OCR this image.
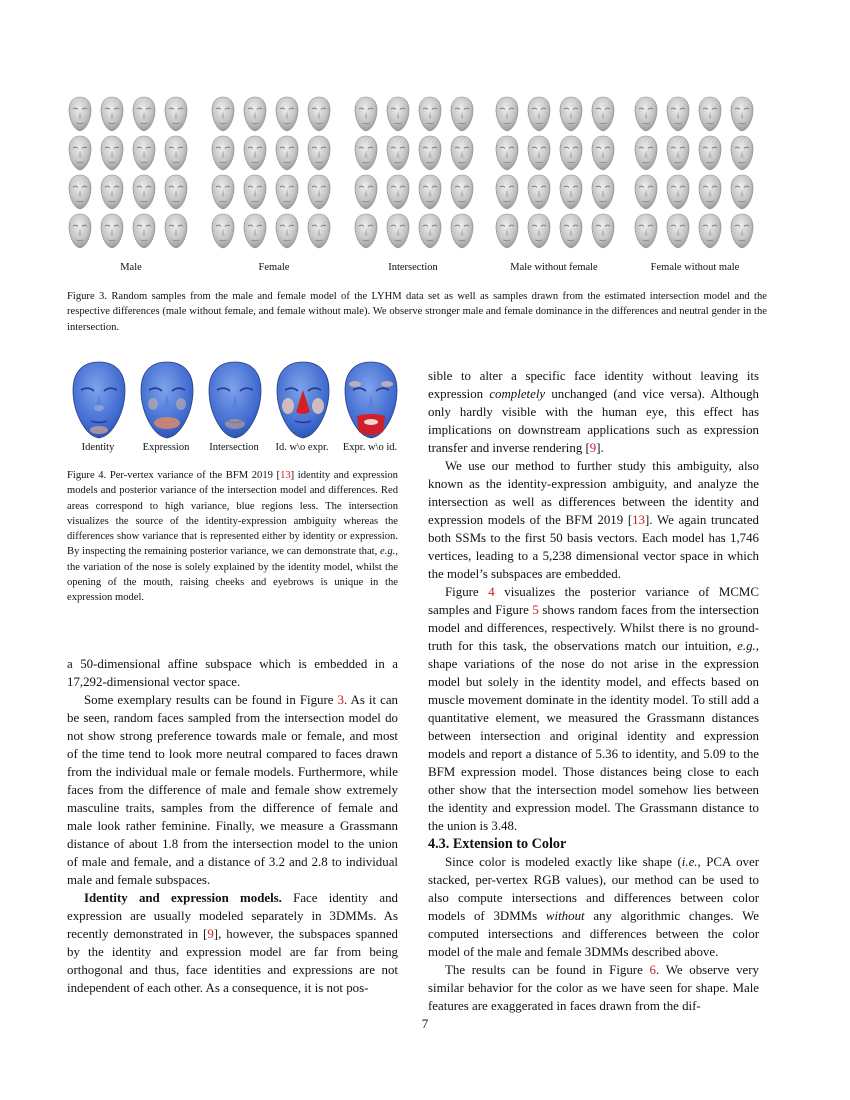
Male	Female	Intersection	Male without female	Female without male
Figure 3. Random samples from the male and female model of the LYHM data set as well as samples drawn from the estimated intersection model and the respective differences (male without female, and female without male). We observe stronger male and female dominance in the differences and neutral gender in the intersection.
Identity	Expression	Intersection	Id. w\o expr.	Expr. w\o id.
Figure 4. Per-vertex variance of the BFM 2019 [13] identity and expression models and posterior variance of the intersection model and differences. Red areas correspond to high variance, blue regions less. The intersection visualizes the source of the identity-expression ambiguity whereas the differences show variance that is represented either by identity or expression. By inspecting the remaining posterior variance, we can demonstrate that, e.g., the variation of the nose is solely explained by the identity model, whilst the opening of the mouth, raising cheeks and eyebrows is unique in the expression model.

a 50-dimensional affine subspace which is embedded in a 17,292-dimensional vector space.

Some exemplary results can be found in Figure 3. As it can be seen, random faces sampled from the intersection model do not show strong preference towards male or female, and most of the time tend to look more neutral compared to faces drawn from the individual male or female models. Furthermore, while faces from the difference of male and female show extremely masculine traits, samples from the difference of female and male look rather feminine. Finally, we measure a Grassmann distance of about 1.8 from the intersection model to the union of male and female, and a distance of 3.2 and 2.8 to individual male and female subspaces.

Identity and expression models. Face identity and expression are usually modeled separately in 3DMMs. As recently demonstrated in [9], however, the subspaces spanned by the identity and expression model are far from being orthogonal and thus, face identities and expressions are not independent of each other. As a consequence, it is not pos-

sible to alter a specific face identity without leaving its expression completely unchanged (and vice versa). Although only hardly visible with the human eye, this effect has implications on downstream applications such as expression transfer and inverse rendering [9].

We use our method to further study this ambiguity, also known as the identity-expression ambiguity, and analyze the intersection as well as differences between the identity and expression models of the BFM 2019 [13]. We again truncated both SSMs to the first 50 basis vectors. Each model has 1,746 vertices, leading to a 5,238 dimensional vector space in which the model’s subspaces are embedded.

Figure 4 visualizes the posterior variance of MCMC samples and Figure 5 shows random faces from the intersection model and differences, respectively. Whilst there is no ground-truth for this task, the observations match our intuition, e.g., shape variations of the nose do not arise in the expression model but solely in the identity model, and effects based on muscle movement dominate in the identity model. To still add a quantitative element, we measured the Grassmann distances between intersection and original identity and expression models and report a distance of 5.36 to identity, and 5.09 to the BFM expression model. Those distances being close to each other show that the intersection model somehow lies between the identity and expression model. The Grassmann distance to the union is 3.48.

4.3. Extension to Color

Since color is modeled exactly like shape (i.e., PCA over stacked, per-vertex RGB values), our method can be used to also compute intersections and differences between color models of 3DMMs without any algorithmic changes. We computed intersections and differences between the color model of the male and female 3DMMs described above.

The results can be found in Figure 6. We observe very similar behavior for the color as we have seen for shape. Male features are exaggerated in faces drawn from the dif-

7
